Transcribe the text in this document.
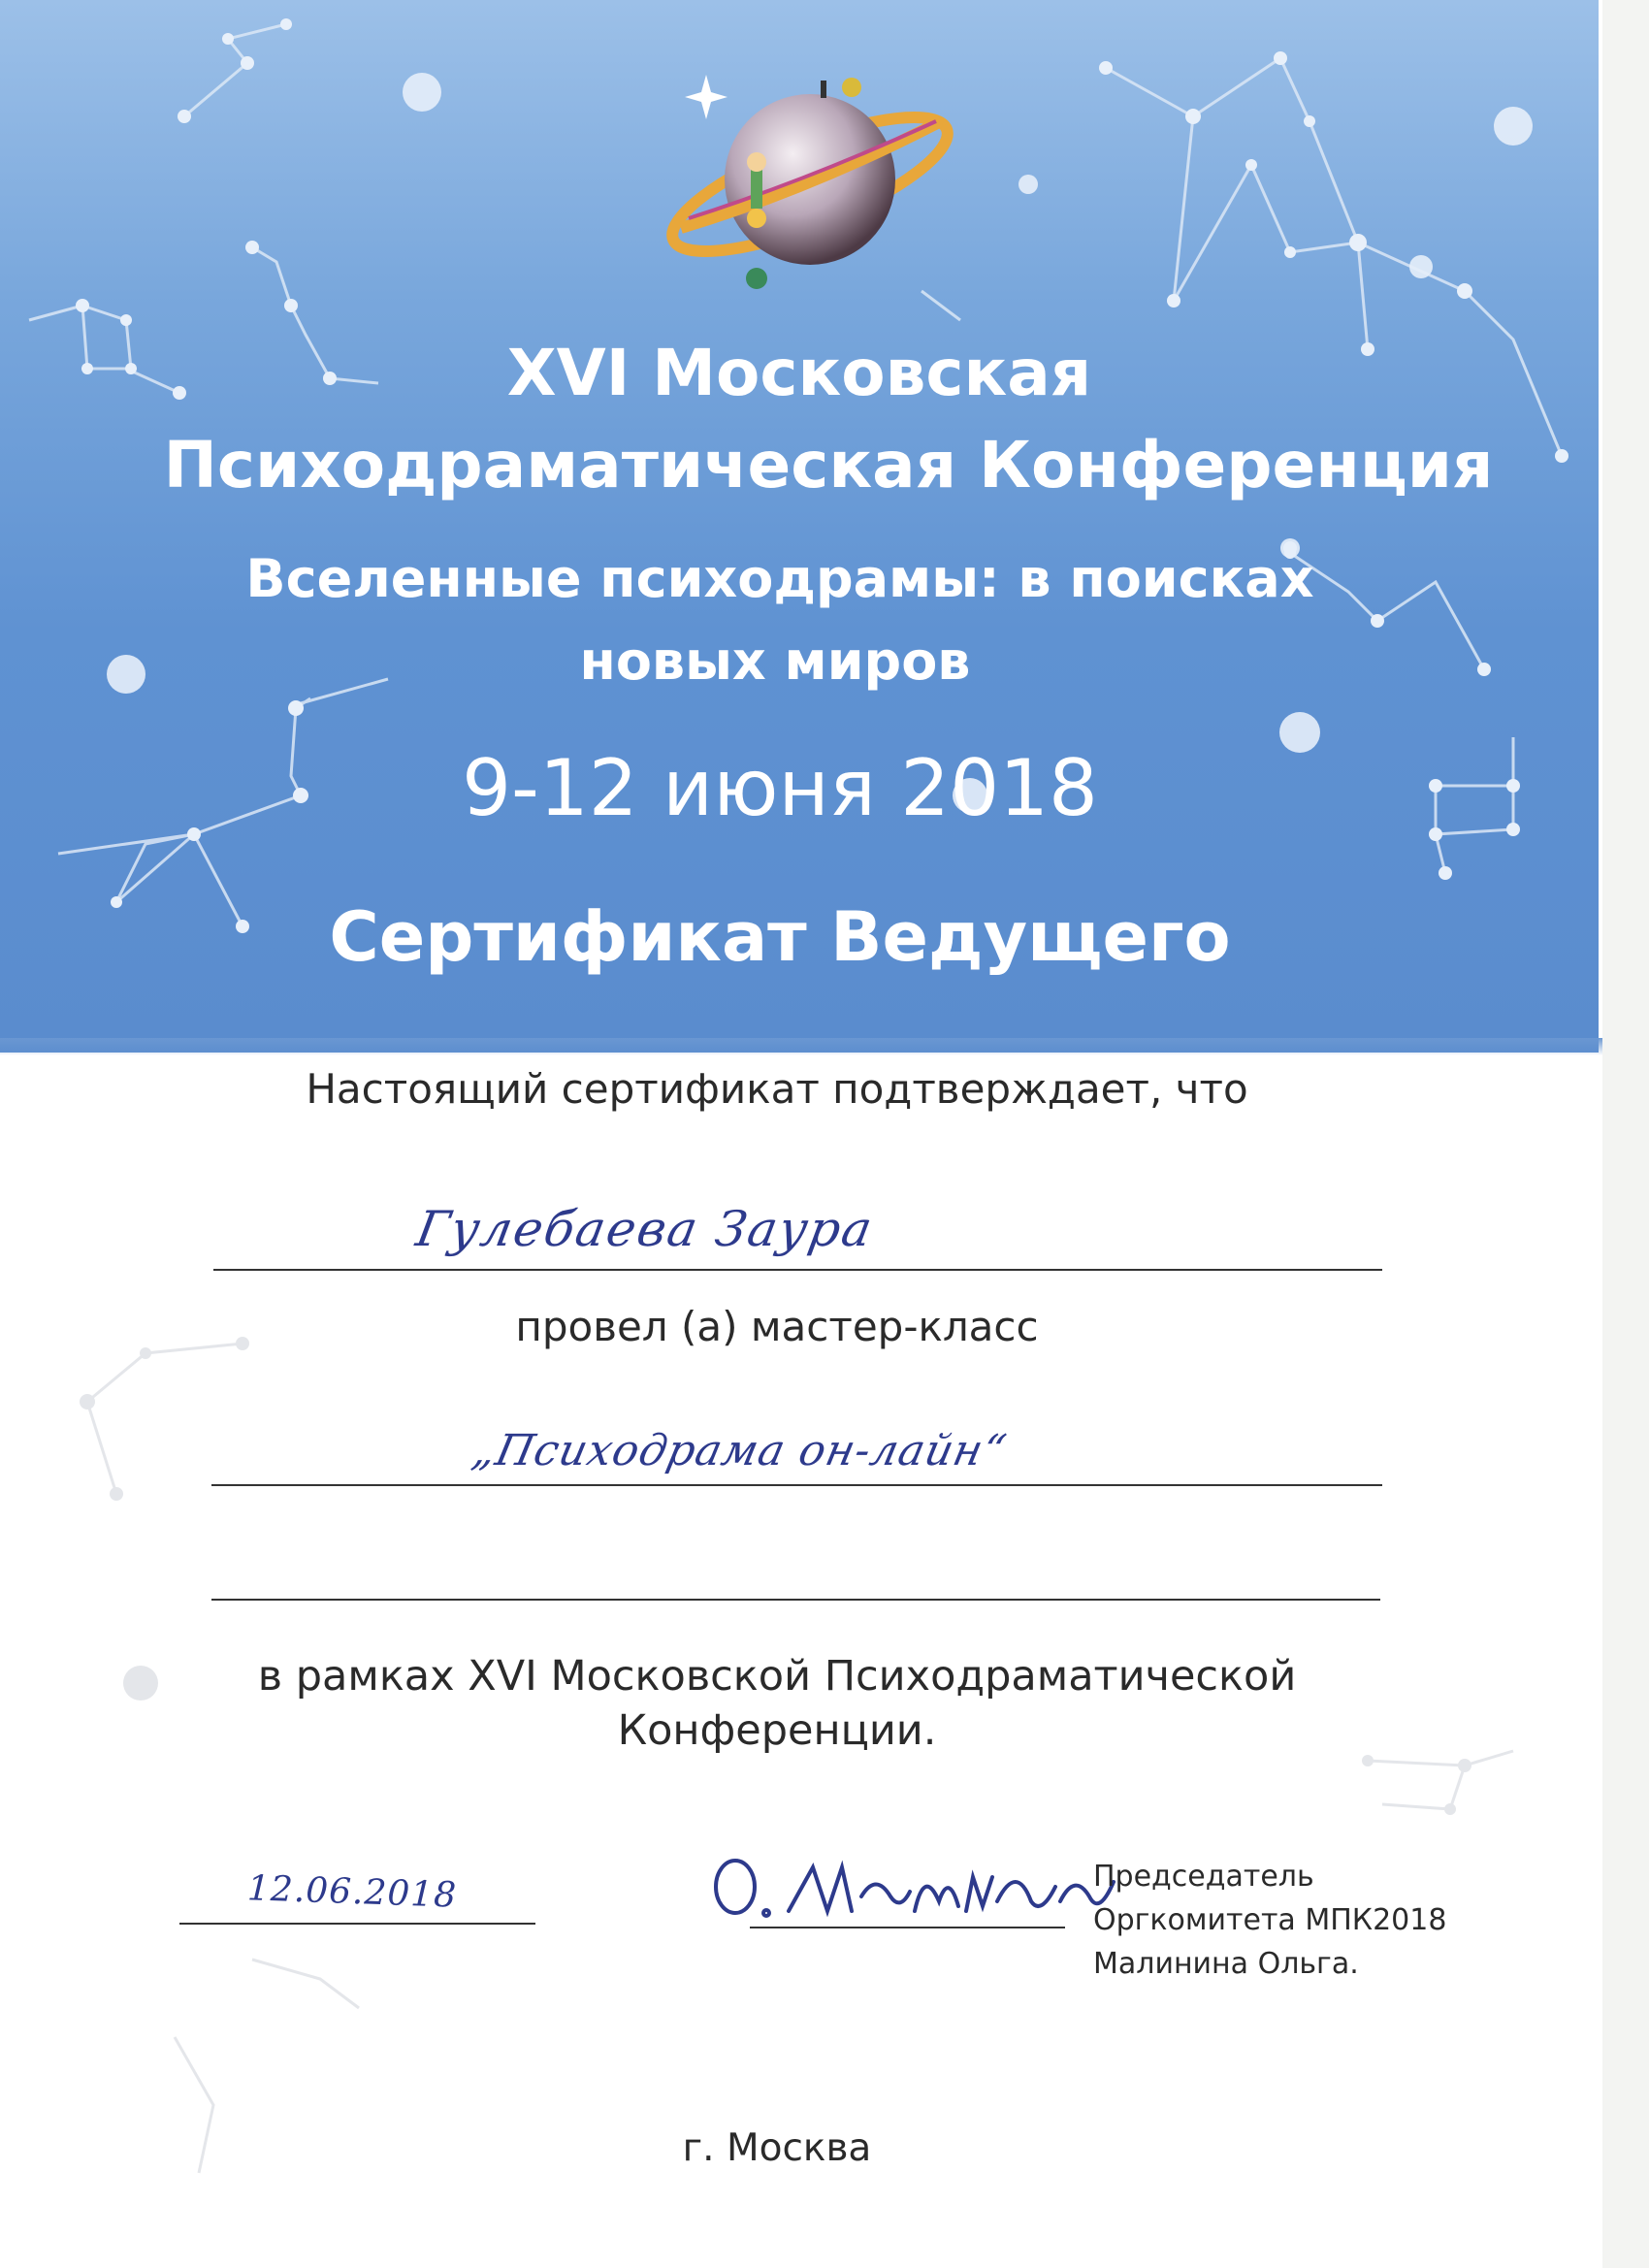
XVI Московская
Психодраматическая Конференция
Вселенные психодрамы: в поисках
новых миров
9-12 июня 2018
Сертификат Ведущего
Настоящий сертификат подтверждает, что
Гулебаева Заура
провел (а) мастер-класс
„Психодрама он-лайн“
в рамках XVI Московской Психодраматической
Конференции.
12.06.2018	Председатель
Оргкомитета МПК2018
Малинина Ольга.
г. Москва
